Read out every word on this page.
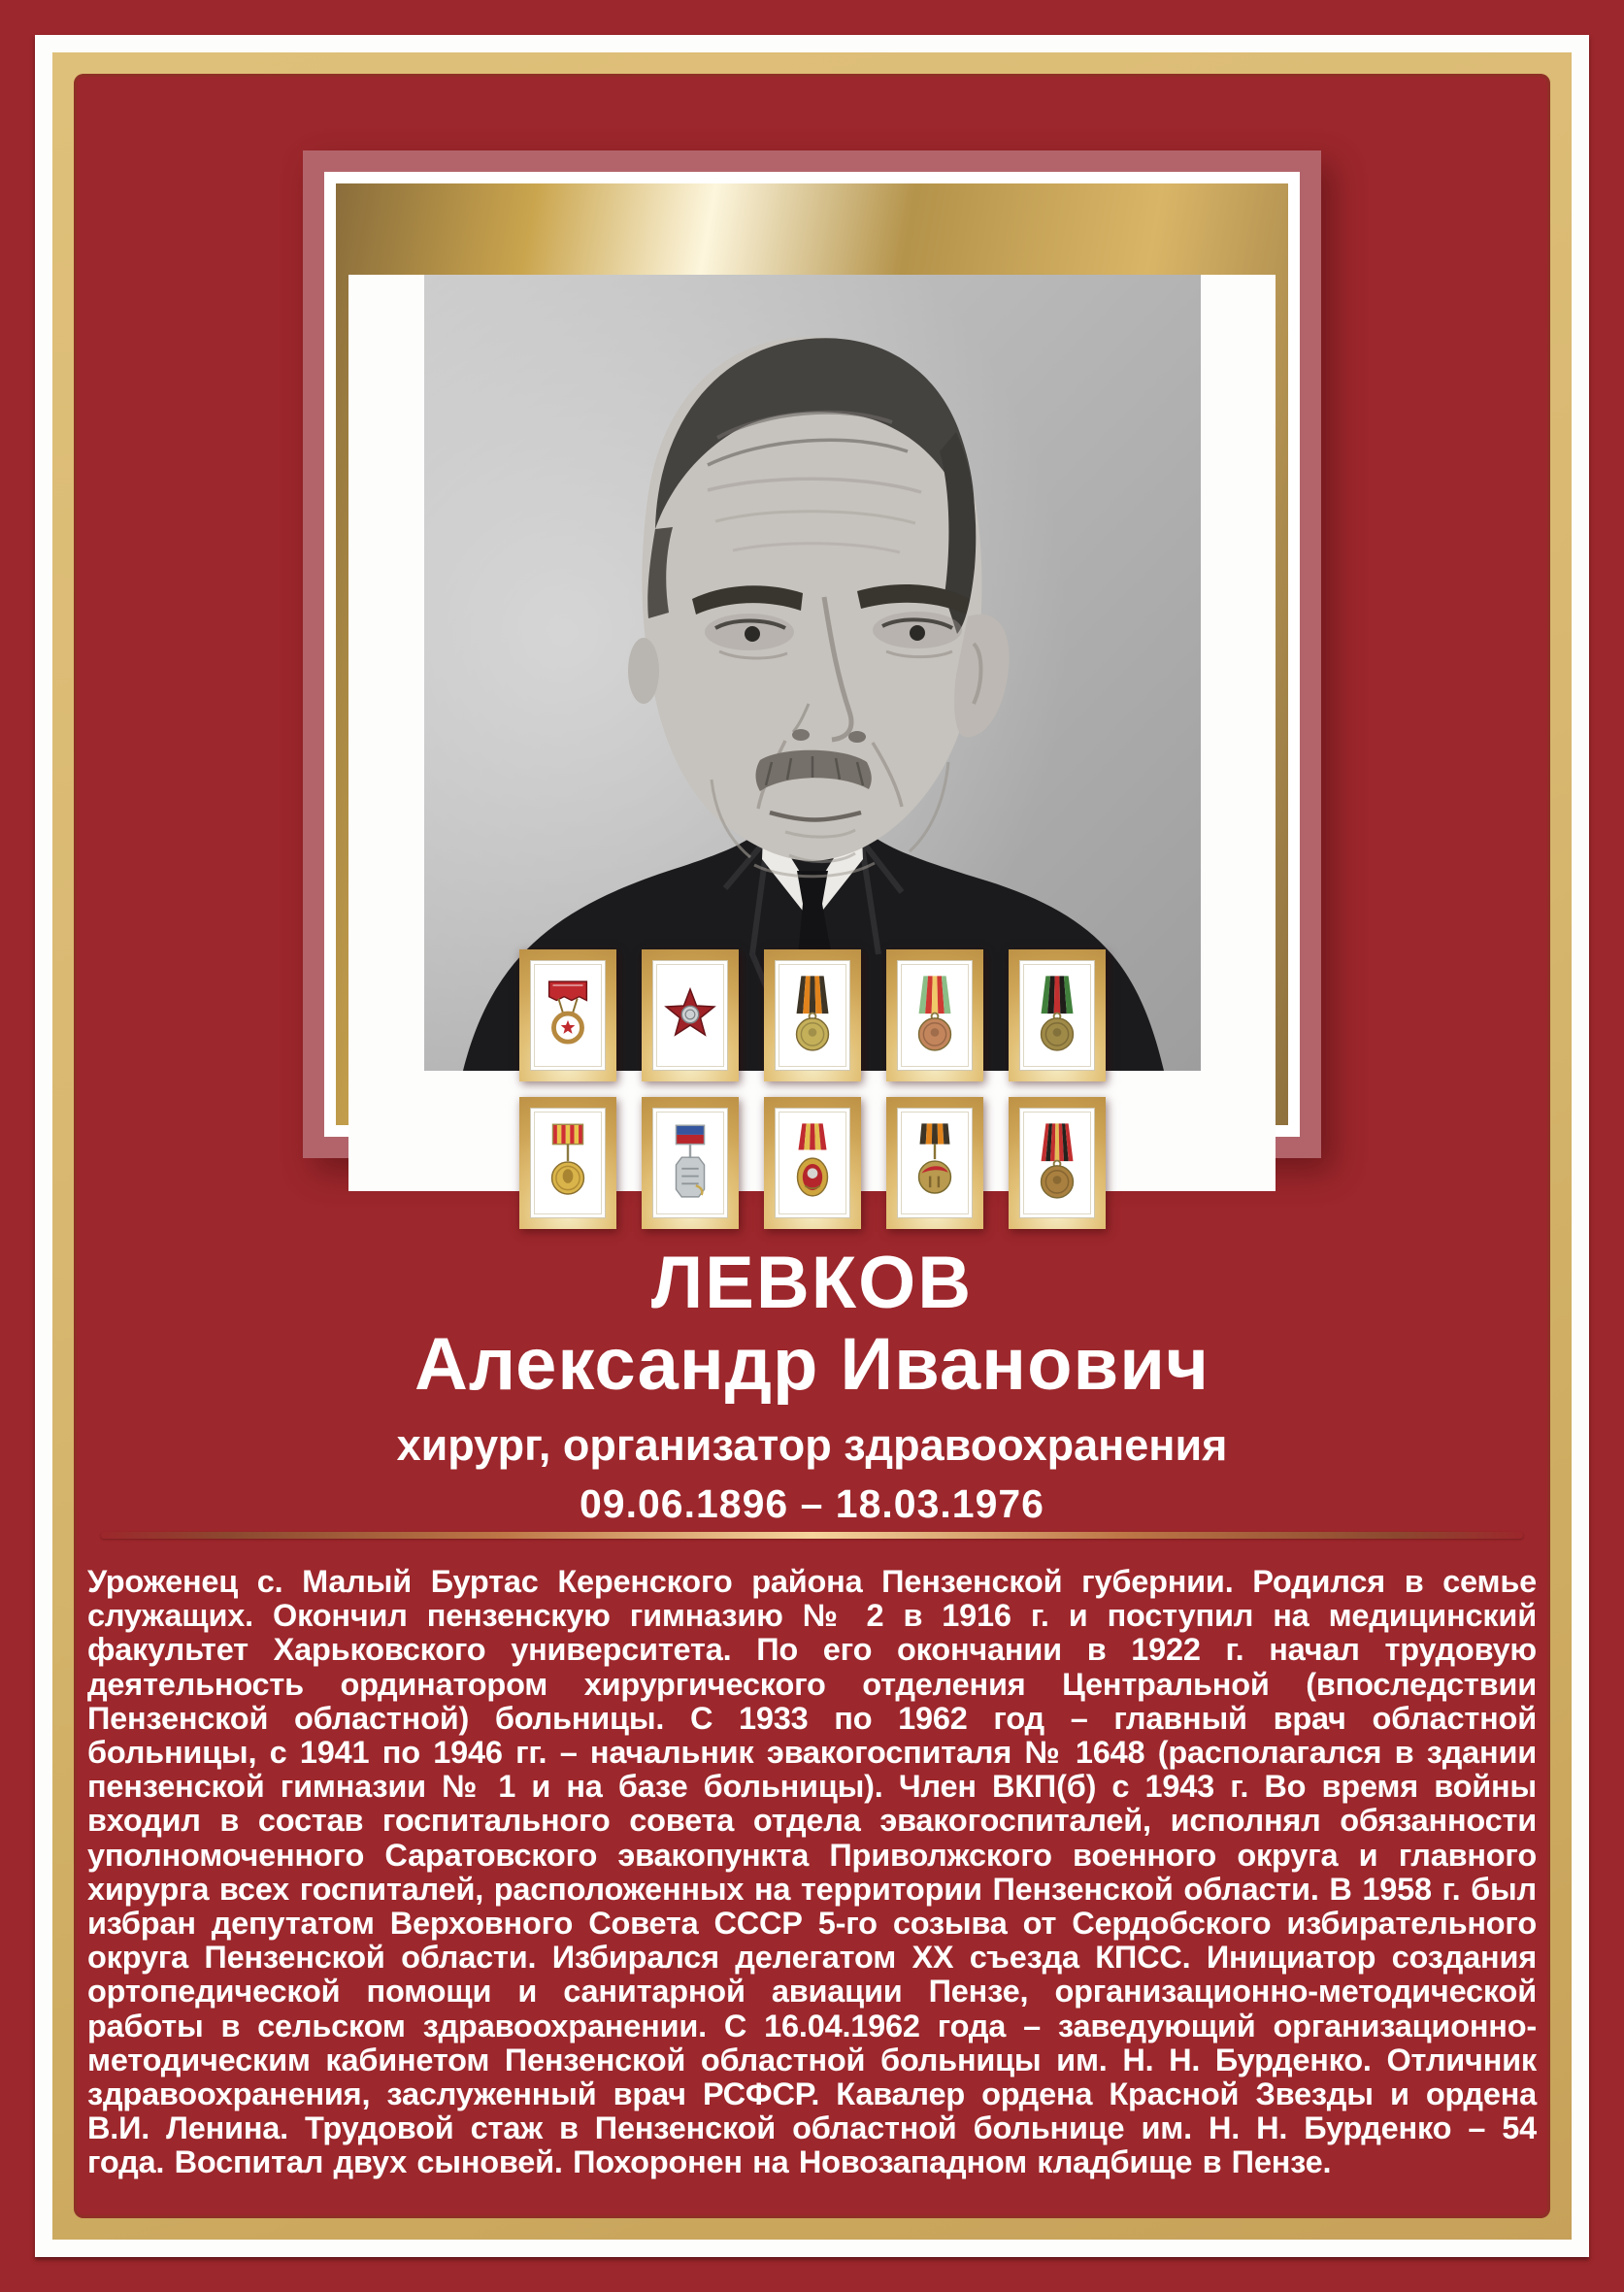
ЛЕВКОВ
Александр Иванович
хирург, организатор здравоохранения
09.06.1896 – 18.03.1976
Уроженец с. Малый Буртас Керенского района Пензенской губернии. Родился в семье служащих. Окончил пензенскую гимназию № 2 в 1916 г. и поступил на медицинский факультет Харьковского университета. По его окончании в 1922 г. начал трудовую деятельность ординатором хирургического отделения Центральной (впоследствии Пензенской областной) больницы. С 1933 по 1962 год – главный врач областной больницы, с 1941 по 1946 гг. – начальник эвакогоспиталя № 1648 (располагался в здании пензенской гимназии № 1 и на базе больницы). Член ВКП(б) с 1943 г. Во время войны входил в состав госпитального совета отдела эвакогоспиталей, исполнял обязанности уполномоченного Саратовского эвакопункта Приволжского военного округа и главного хирурга всех госпиталей, расположенных на территории Пензенской области. В 1958 г. был избран депутатом Верховного Совета СССР 5-го созыва от Сердобского избирательного округа Пензенской области. Избирался делегатом XX съезда КПСС. Инициатор создания ортопедической помощи и санитарной авиации Пензе, организационно-методической работы в сельском здравоохранении. С 16.04.1962 года – заведующий организационно-методическим кабинетом Пензенской областной больницы им. Н. Н. Бурденко. Отличник здравоохранения, заслуженный врач РСФСР. Кавалер ордена Красной Звезды и ордена В.И. Ленина. Трудовой стаж в Пензенской областной больнице им. Н. Н. Бурденко – 54 года. Воспитал двух сыновей. Похоронен на Новозападном кладбище в Пензе.
